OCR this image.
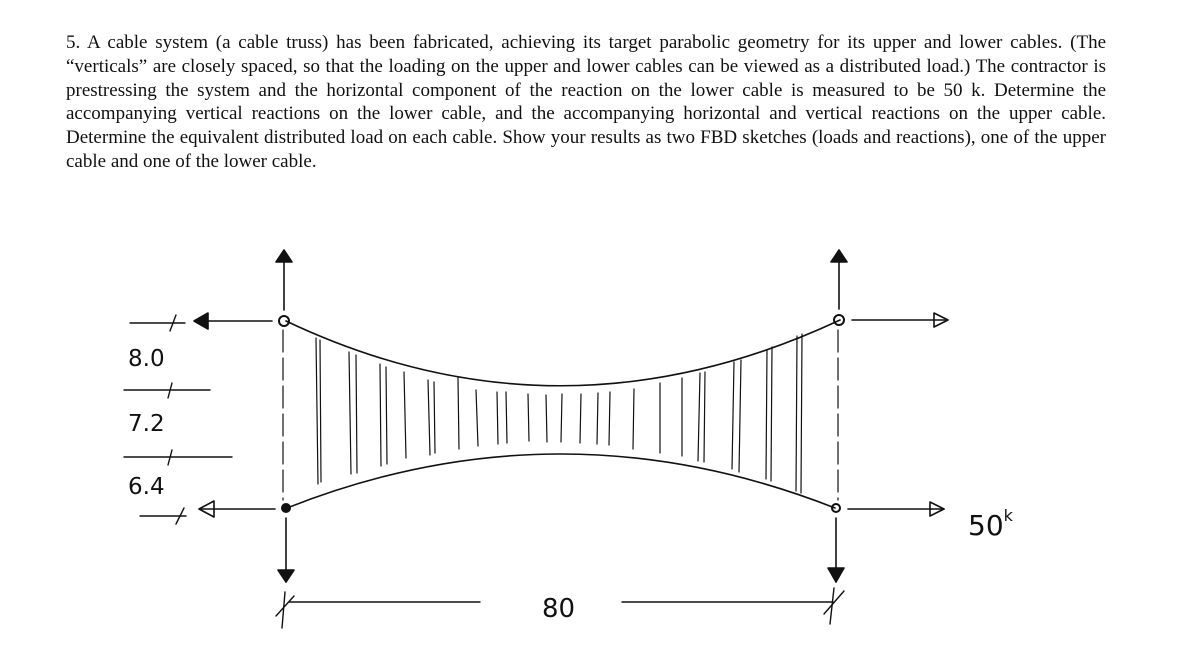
5. A cable system (a cable truss) has been fabricated, achieving its target parabolic geometry for its upper and lower cables. (The “verticals” are closely spaced, so that the loading on the upper and lower cables can be viewed as a distributed load.) The contractor is prestressing the system and the horizontal component of the reaction on the lower cable is measured to be 50 k. Determine the accompanying vertical reactions on the lower cable, and the accompanying horizontal and vertical reactions on the upper cable. Determine the equivalent distributed load on each cable. Show your results as two FBD sketches (loads and reactions), one of the upper cable and one of the lower cable.

8.0
7.2
6.4
80
50$^k$
